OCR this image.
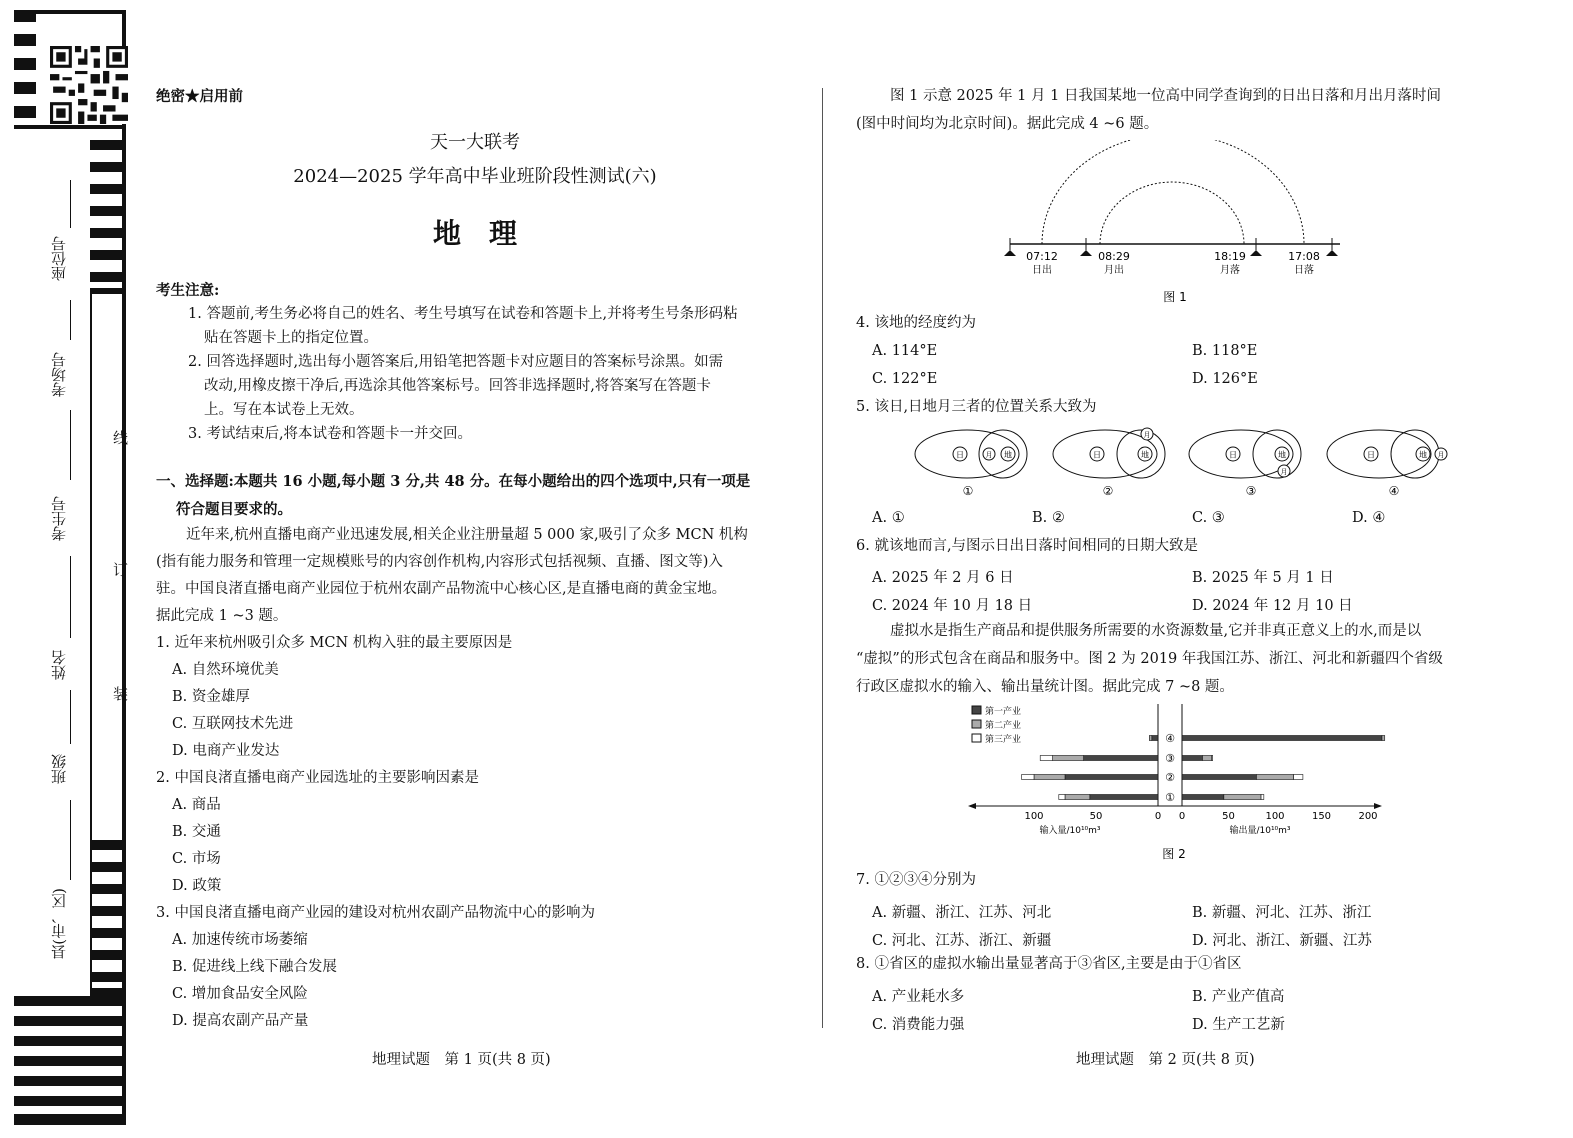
座位号
考场号
考生号
姓名
班级
县(市、区)
线
订
装
绝密★启用前
天一大联考
2024—2025 学年高中毕业班阶段性测试(六)
地　理
考生注意:
1. 答题前,考生务必将自己的姓名、考生号填写在试卷和答题卡上,并将考生号条形码粘
贴在答题卡上的指定位置。
2. 回答选择题时,选出每小题答案后,用铅笔把答题卡对应题目的答案标号涂黑。如需
改动,用橡皮擦干净后,再选涂其他答案标号。回答非选择题时,将答案写在答题卡
上。写在本试卷上无效。
3. 考试结束后,将本试卷和答题卡一并交回。
一、选择题:本题共 16 小题,每小题 3 分,共 48 分。在每小题给出的四个选项中,只有一项是
符合题目要求的。
近年来,杭州直播电商产业迅速发展,相关企业注册量超 5 000 家,吸引了众多 MCN 机构
(指有能力服务和管理一定规模账号的内容创作机构,内容形式包括视频、直播、图文等)入
驻。中国良渚直播电商产业园位于杭州农副产品物流中心核心区,是直播电商的黄金宝地。
据此完成 1 ~3 题。
1. 近年来杭州吸引众多 MCN 机构入驻的最主要原因是
A. 自然环境优美
B. 资金雄厚
C. 互联网技术先进
D. 电商产业发达
2. 中国良渚直播电商产业园选址的主要影响因素是
A. 商品
B. 交通
C. 市场
D. 政策
3. 中国良渚直播电商产业园的建设对杭州农副产品物流中心的影响为
A. 加速传统市场萎缩
B. 促进线上线下融合发展
C. 增加食品安全风险
D. 提高农副产品产量
地理试题　第 1 页(共 8 页)
图 1 示意 2025 年 1 月 1 日我国某地一位高中同学查询到的日出日落和月出月落时间
(图中时间均为北京时间)。据此完成 4 ~6 题。
07:12	08:29	18:19	17:08
日出	月出	月落	日落
图 1
4. 该地的经度约为
A. 114°E	B. 118°E
C. 122°E	D. 126°E
5. 该日,日地月三者的位置关系大致为
日	月 地
①
日	地
月
②
日	地
月
③
日	地 月
④
A. ①	B. ②	C. ③	D. ④
6. 就该地而言,与图示日出日落时间相同的日期大致是
A. 2025 年 2 月 6 日	B. 2025 年 5 月 1 日
C. 2024 年 10 月 18 日	D. 2024 年 12 月 10 日
虚拟水是指生产商品和提供服务所需要的水资源数量,它并非真正意义上的水,而是以
“虚拟”的形式包含在商品和服务中。图 2 为 2019 年我国江苏、浙江、河北和新疆四个省级
行政区虚拟水的输入、输出量统计图。据此完成 7 ~8 题。
第一产业
第二产业
第三产业
①
②
③
④
100	50	0 0	50	100	150	200
输入量/10¹⁰m³	输出量/10¹⁰m³
图 2
7. ①②③④分别为
A. 新疆、浙江、江苏、河北	B. 新疆、河北、江苏、浙江
C. 河北、江苏、浙江、新疆	D. 河北、浙江、新疆、江苏
8. ①省区的虚拟水输出量显著高于③省区,主要是由于①省区
A. 产业耗水多	B. 产业产值高
C. 消费能力强	D. 生产工艺新
地理试题　第 2 页(共 8 页)
